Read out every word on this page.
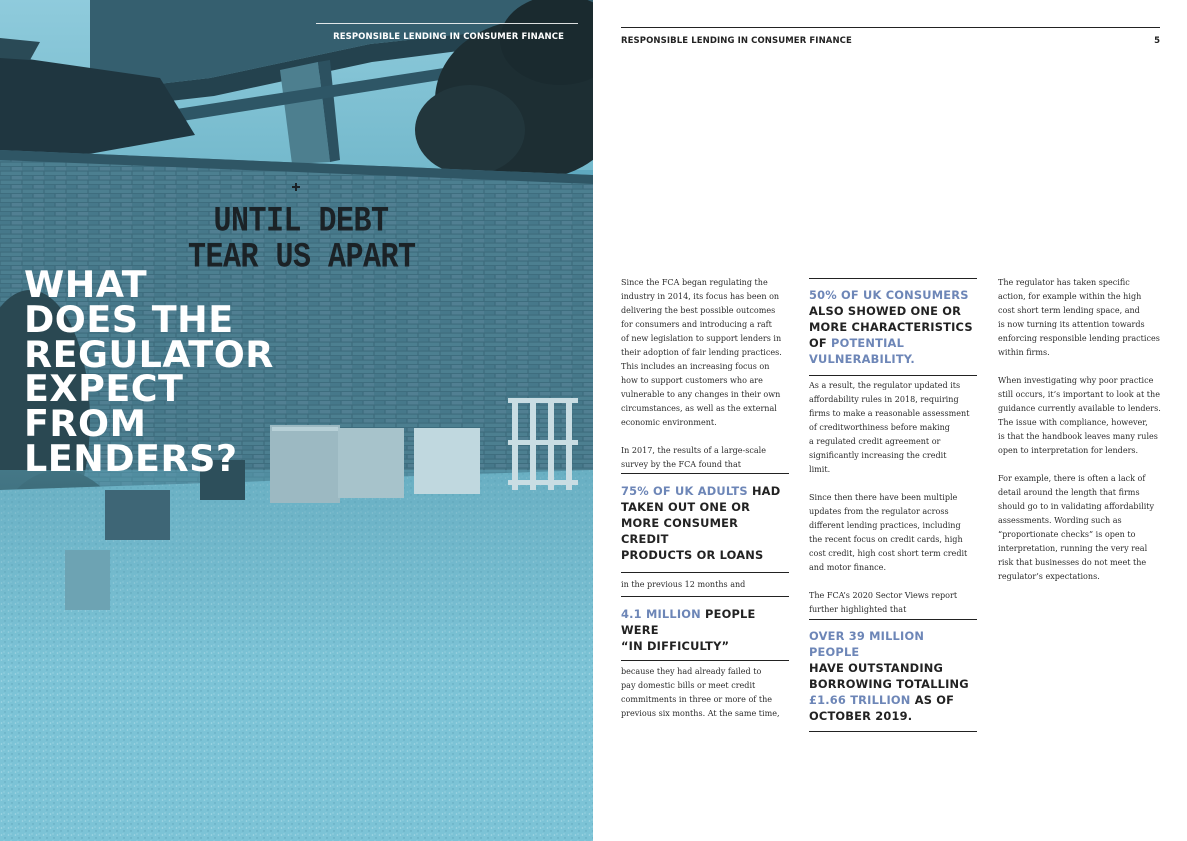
RESPONSIBLE LENDING IN CONSUMER FINANCE
UNTIL DEBT
TEAR US APART
WHAT
DOES THE
REGULATOR
EXPECT
FROM
LENDERS?
RESPONSIBLE LENDING IN CONSUMER FINANCE	5
Since the FCA began regulating the
industry in 2014, its focus has been on
delivering the best possible outcomes
for consumers and introducing a raft
of new legislation to support lenders in
their adoption of fair lending practices.
This includes an increasing focus on
how to support customers who are
vulnerable to any changes in their own
circumstances, as well as the external
economic environment.
In 2017, the results of a large-scale
survey by the FCA found that
75% OF UK ADULTS HAD
TAKEN OUT ONE OR
MORE CONSUMER CREDIT
PRODUCTS OR LOANS
in the previous 12 months and
4.1 MILLION PEOPLE WERE
“IN DIFFICULTY”
because they had already failed to
pay domestic bills or meet credit
commitments in three or more of the
previous six months. At the same time,
50% OF UK CONSUMERS
ALSO SHOWED ONE OR
MORE CHARACTERISTICS
OF POTENTIAL
VULNERABILITY.
As a result, the regulator updated its
affordability rules in 2018, requiring
firms to make a reasonable assessment
of creditworthiness before making
a regulated credit agreement or
significantly increasing the credit
limit.
Since then there have been multiple
updates from the regulator across
different lending practices, including
the recent focus on credit cards, high
cost credit, high cost short term credit
and motor finance.
The FCA’s 2020 Sector Views report
further highlighted that
OVER 39 MILLION PEOPLE
HAVE OUTSTANDING
BORROWING TOTALLING
£1.66 TRILLION AS OF
OCTOBER 2019.
The regulator has taken specific
action, for example within the high
cost short term lending space, and
is now turning its attention towards
enforcing responsible lending practices
within firms.
When investigating why poor practice
still occurs, it’s important to look at the
guidance currently available to lenders.
The issue with compliance, however,
is that the handbook leaves many rules
open to interpretation for lenders.
For example, there is often a lack of
detail around the length that firms
should go to in validating affordability
assessments. Wording such as
“proportionate checks” is open to
interpretation, running the very real
risk that businesses do not meet the
regulator’s expectations.
